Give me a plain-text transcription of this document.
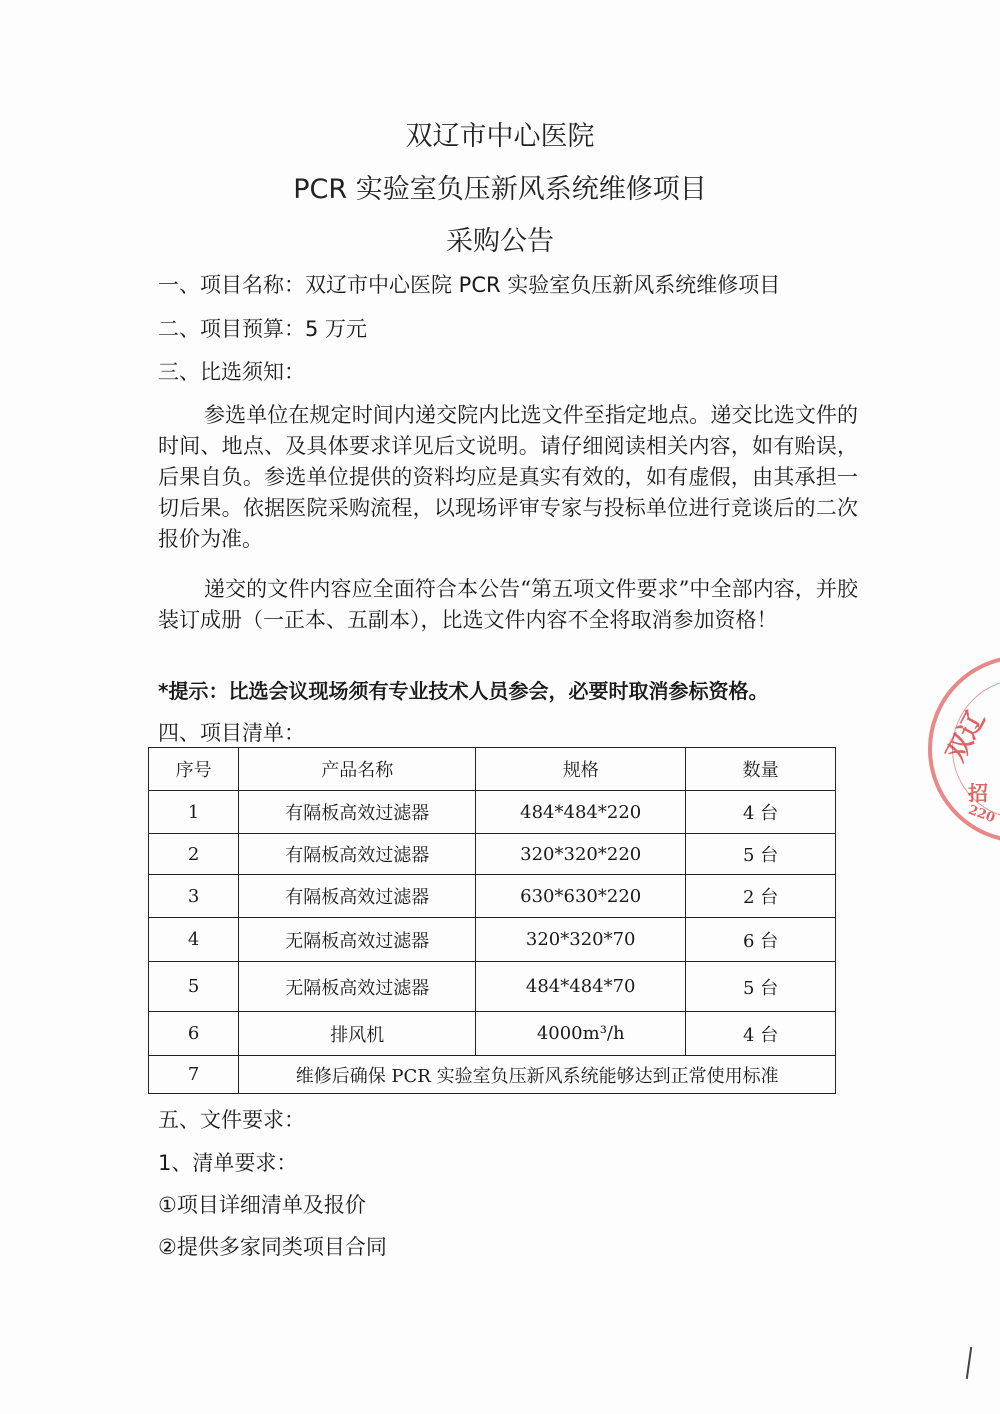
双辽市中心医院
PCR 实验室负压新风系统维修项目
采购公告
一、项目名称：双辽市中心医院 PCR 实验室负压新风系统维修项目
二、项目预算：5 万元
三、比选须知：
参选单位在规定时间内递交院内比选文件至指定地点。递交比选文件的时间、地点、及具体要求详见后文说明。请仔细阅读相关内容，如有贻误，后果自负。参选单位提供的资料均应是真实有效的，如有虚假，由其承担一切后果。依据医院采购流程，以现场评审专家与投标单位进行竞谈后的二次报价为准。
递交的文件内容应全面符合本公告“第五项文件要求”中全部内容，并胶装订成册（一正本、五副本），比选文件内容不全将取消参加资格！
*提示：比选会议现场须有专业技术人员参会，必要时取消参标资格。
四、项目清单：
序号	产品名称	规格	数量
1	有隔板高效过滤器	484*484*220	4 台
2	有隔板高效过滤器	320*320*220	5 台
3	有隔板高效过滤器	630*630*220	2 台
4	无隔板高效过滤器	320*320*70	6 台
5	无隔板高效过滤器	484*484*70	5 台
6	排风机	4000m³/h	4 台
7	维修后确保 PCR 实验室负压新风系统能够达到正常使用标准		
五、文件要求：
1、清单要求：
①项目详细清单及报价
②提供多家同类项目合同
双辽
招
220
